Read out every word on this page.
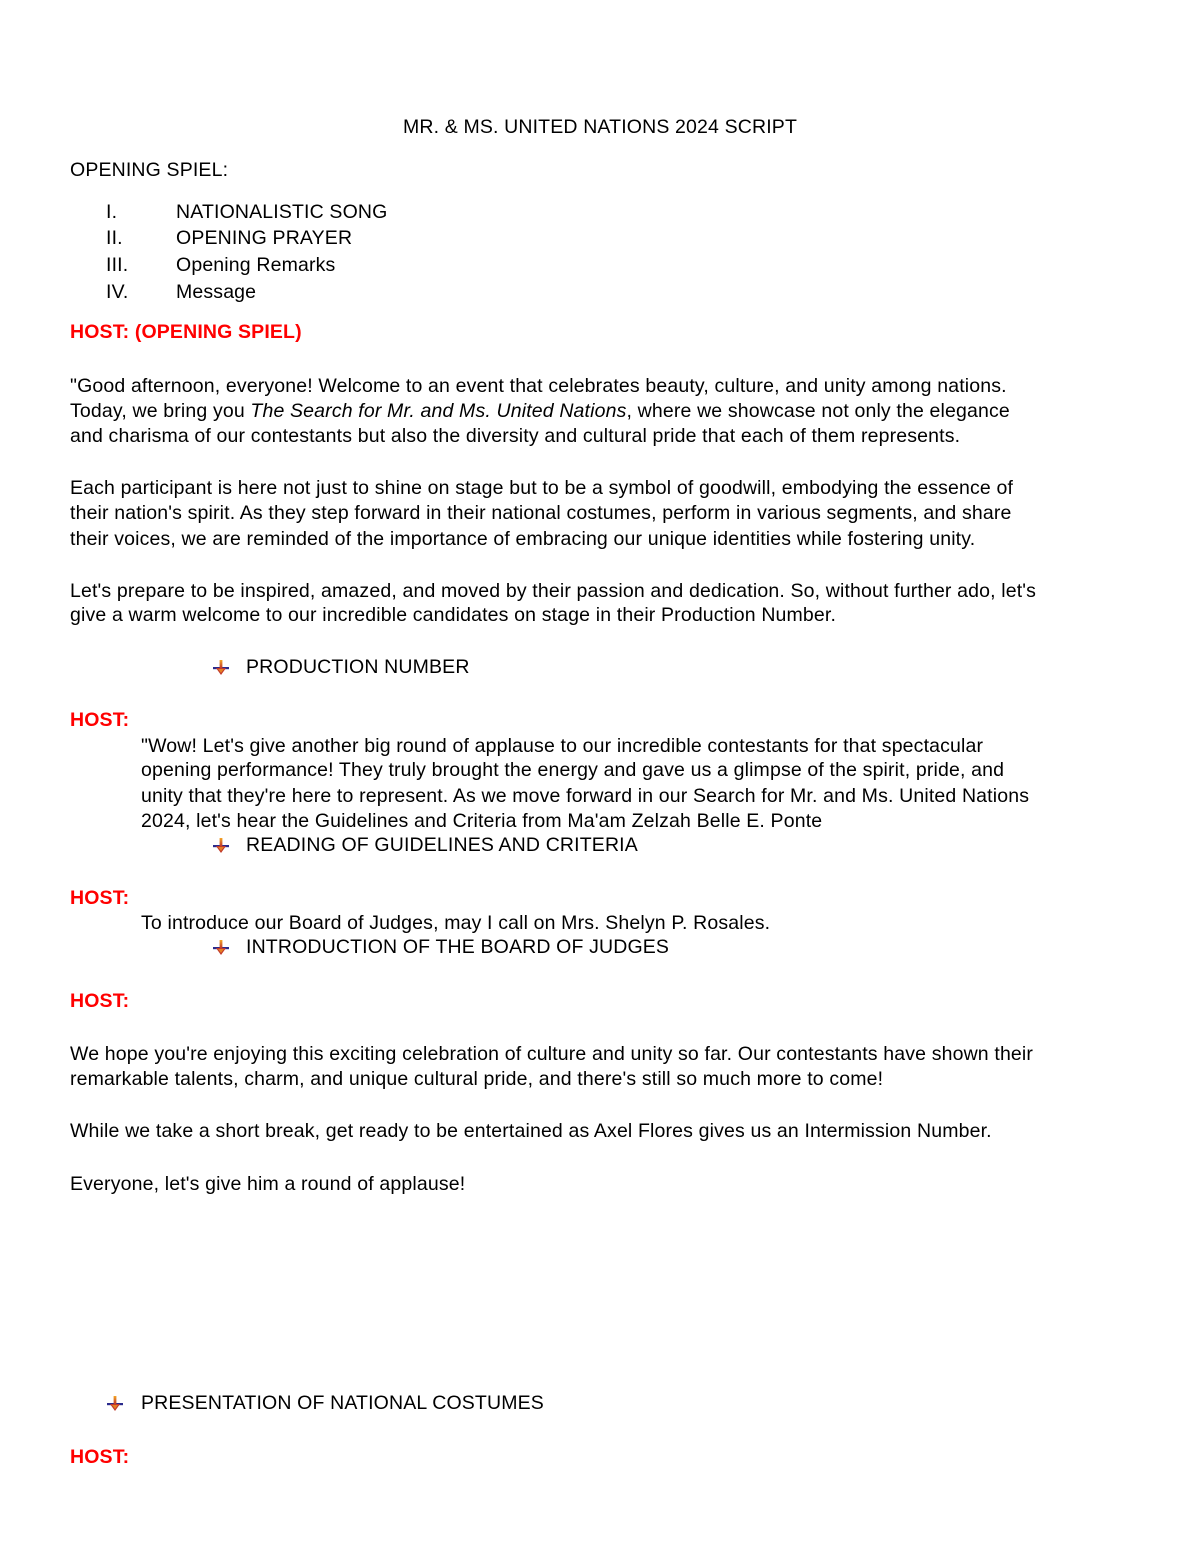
MR. & MS. UNITED NATIONS 2024 SCRIPT
OPENING SPIEL:
I.	NATIONALISTIC SONG
II.	OPENING PRAYER
III. Opening Remarks
IV. Message
HOST: (OPENING SPIEL)
"Good afternoon, everyone! Welcome to an event that celebrates beauty, culture, and unity among nations.
Today, we bring you The Search for Mr. and Ms. United Nations, where we showcase not only the elegance
and charisma of our contestants but also the diversity and cultural pride that each of them represents.
Each participant is here not just to shine on stage but to be a symbol of goodwill, embodying the essence of
their nation's spirit. As they step forward in their national costumes, perform in various segments, and share
their voices, we are reminded of the importance of embracing our unique identities while fostering unity.
Let's prepare to be inspired, amazed, and moved by their passion and dedication. So, without further ado, let's
give a warm welcome to our incredible candidates on stage in their Production Number.
PRODUCTION NUMBER
HOST:
"Wow! Let's give another big round of applause to our incredible contestants for that spectacular
opening performance! They truly brought the energy and gave us a glimpse of the spirit, pride, and
unity that they're here to represent. As we move forward in our Search for Mr. and Ms. United Nations
2024, let's hear the Guidelines and Criteria from Ma'am Zelzah Belle E. Ponte
READING OF GUIDELINES AND CRITERIA
HOST:
To introduce our Board of Judges, may I call on Mrs. Shelyn P. Rosales.
INTRODUCTION OF THE BOARD OF JUDGES
HOST:
We hope you're enjoying this exciting celebration of culture and unity so far. Our contestants have shown their
remarkable talents, charm, and unique cultural pride, and there's still so much more to come!
While we take a short break, get ready to be entertained as Axel Flores gives us an Intermission Number.
Everyone, let's give him a round of applause!
PRESENTATION OF NATIONAL COSTUMES
HOST:
